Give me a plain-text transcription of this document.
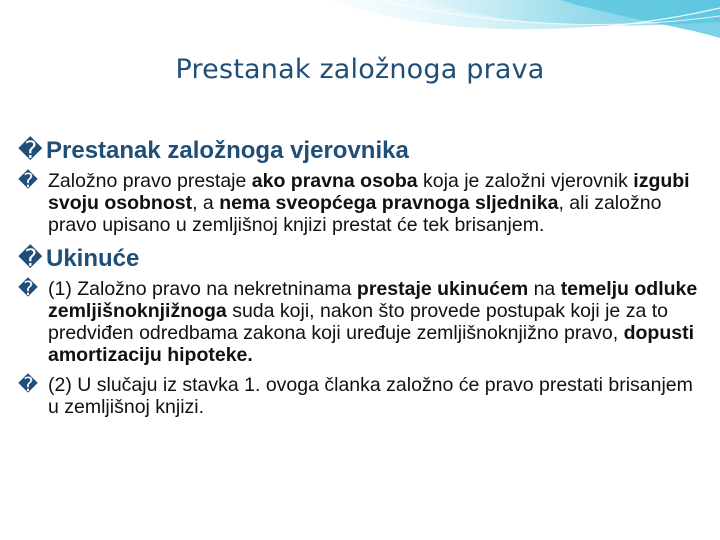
Prestanak založnoga prava
� Prestanak založnoga vjerovnika
� Založno pravo prestaje ako pravna osoba koja je založni vjerovnik izgubi svoju osobnost, a nema sveopćega pravnoga sljednika, ali založno pravo upisano u zemljišnoj knjizi prestat će tek brisanjem.
� Ukinuće
� (1) Založno pravo na nekretninama prestaje ukinućem na temelju odluke zemljišnoknjižnoga suda koji, nakon što provede postupak koji je za to predviđen odredbama zakona koji uređuje zemljišnoknjižno pravo, dopusti amortizaciju hipoteke.
� (2) U slučaju iz stavka 1. ovoga članka založno će pravo prestati brisanjem u zemljišnoj knjizi.
